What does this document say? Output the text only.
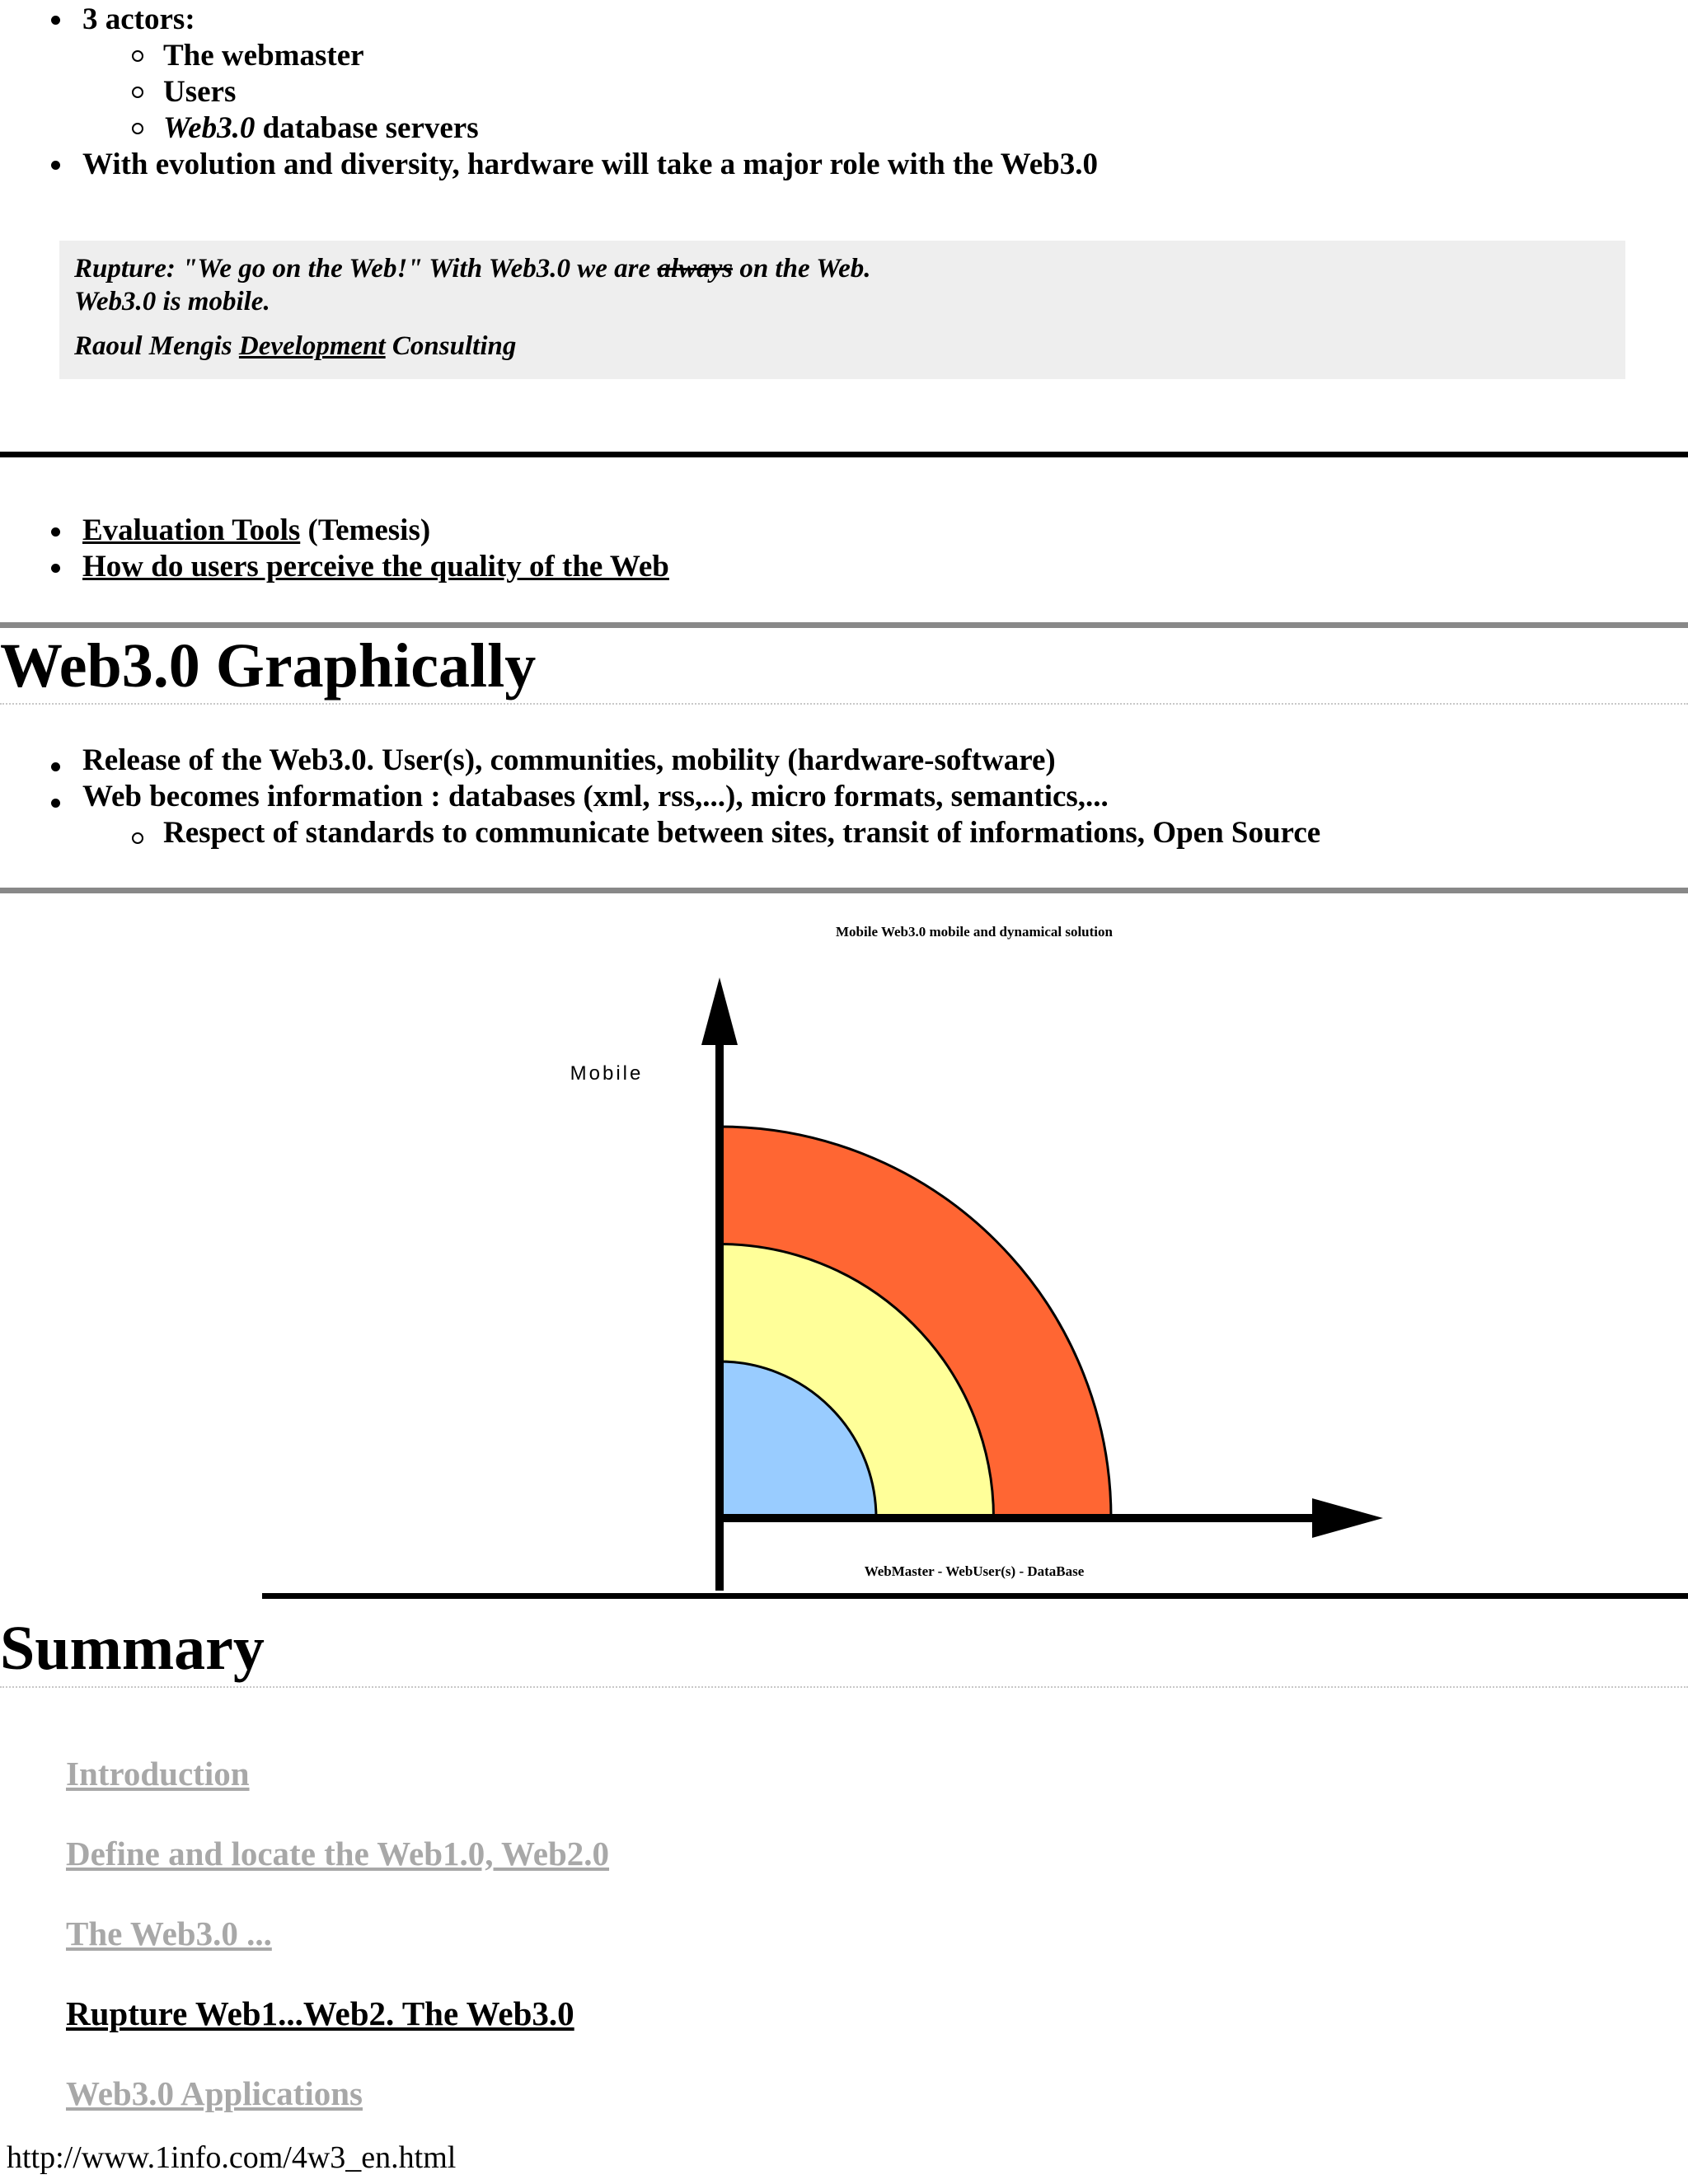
3 actors:
The webmaster
Users
Web3.0 database servers
With evolution and diversity, hardware will take a major role with the Web3.0
Rupture: "We go on the Web!" With Web3.0 we are always on the Web.
Web3.0 is mobile.
Raoul Mengis Development Consulting
Evaluation Tools (Temesis)
How do users perceive the quality of the Web
Web3.0 Graphically
Release of the Web3.0. User(s), communities, mobility (hardware-software)
Web becomes information : databases (xml, rss,...), micro formats, semantics,...
Respect of standards to communicate between sites, transit of informations, Open Source
Mobile Web3.0 mobile and dynamical solution
Mobile
WebMaster - WebUser(s) - DataBase
Summary
Introduction
Define and locate the Web1.0, Web2.0
The Web3.0 ...
Rupture Web1...Web2. The Web3.0
Web3.0 Applications
http://www.1info.com/4w3_en.html
